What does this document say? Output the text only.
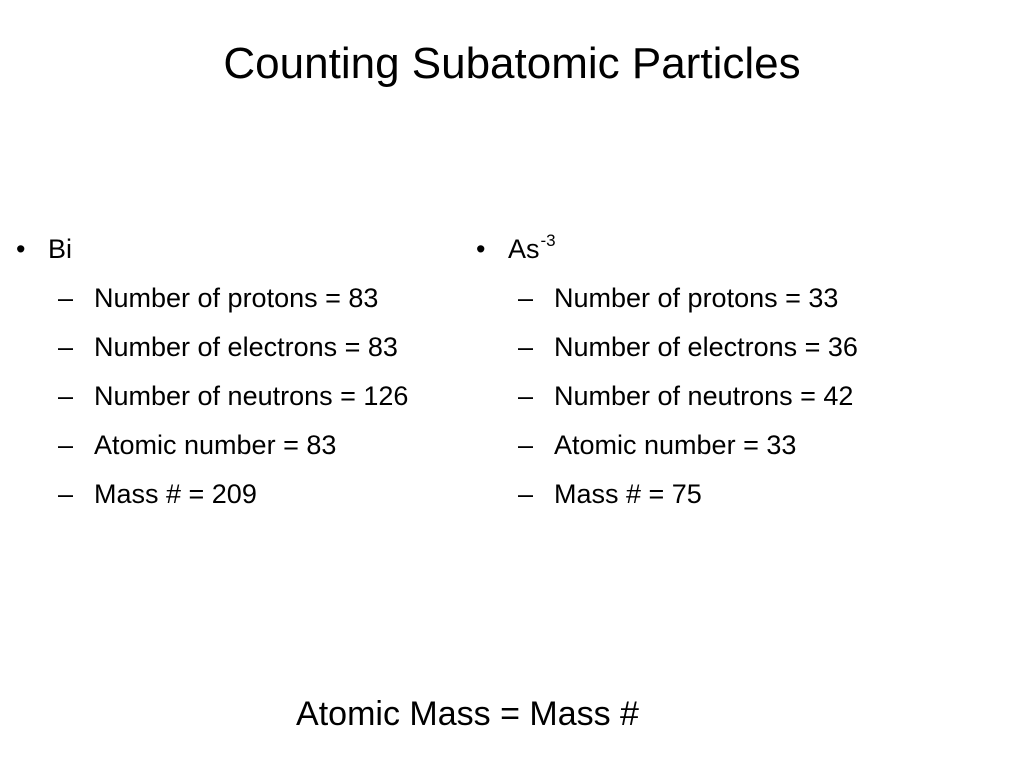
Counting Subatomic Particles
• Bi
– Number of protons = 83
– Number of electrons = 83
– Number of neutrons = 126
– Atomic number = 83
– Mass # = 209
• $As^{-3}$
– Number of protons = 33
– Number of electrons = 36
– Number of neutrons = 42
– Atomic number = 33
– Mass # = 75
Atomic Mass = Mass #
